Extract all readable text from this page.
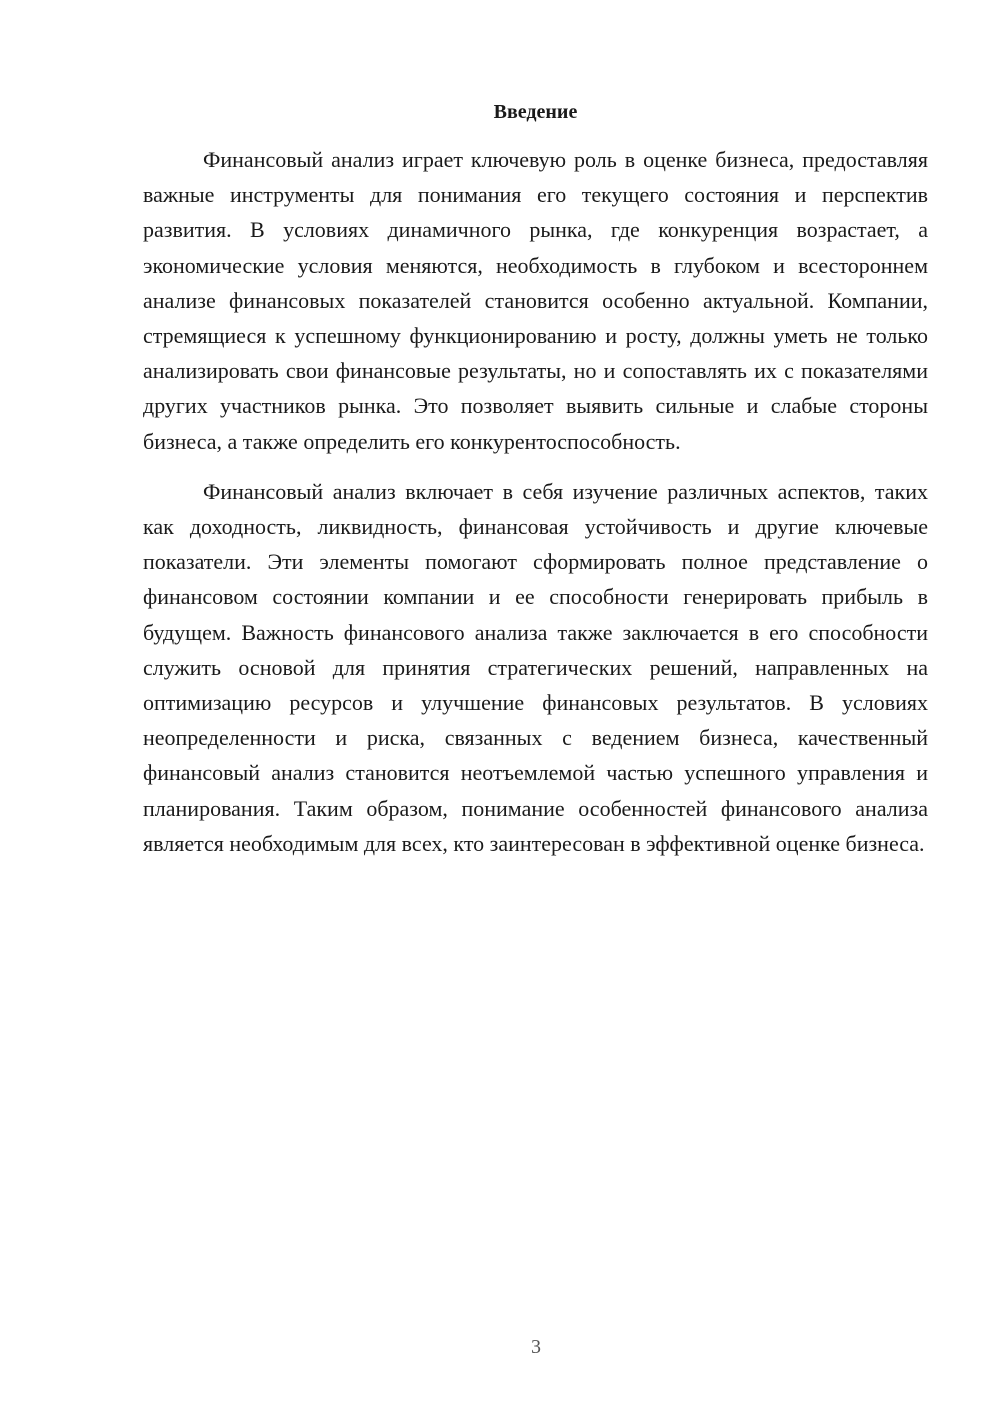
Введение

Финансовый анализ играет ключевую роль в оценке бизнеса, предоставляя важные инструменты для понимания его текущего состояния и перспектив развития. В условиях динамичного рынка, где конкуренция возрастает, а экономические условия меняются, необходимость в глубоком и всестороннем анализе финансовых показателей становится особенно актуальной. Компании, стремящиеся к успешному функционированию и росту, должны уметь не только анализировать свои финансовые результаты, но и сопоставлять их с показателями других участников рынка. Это позволяет выявить сильные и слабые стороны бизнеса, а также определить его конкурентоспособность.

Финансовый анализ включает в себя изучение различных аспектов, таких как доходность, ликвидность, финансовая устойчивость и другие ключевые показатели. Эти элементы помогают сформировать полное представление о финансовом состоянии компании и ее способности генерировать прибыль в будущем. Важность финансового анализа также заключается в его способности служить основой для принятия стратегических решений, направленных на оптимизацию ресурсов и улучшение финансовых результатов. В условиях неопределенности и риска, связанных с ведением бизнеса, качественный финансовый анализ становится неотъемлемой частью успешного управления и планирования. Таким образом, понимание особенностей финансового анализа является необходимым для всех, кто заинтересован в эффективной оценке бизнеса.

3
